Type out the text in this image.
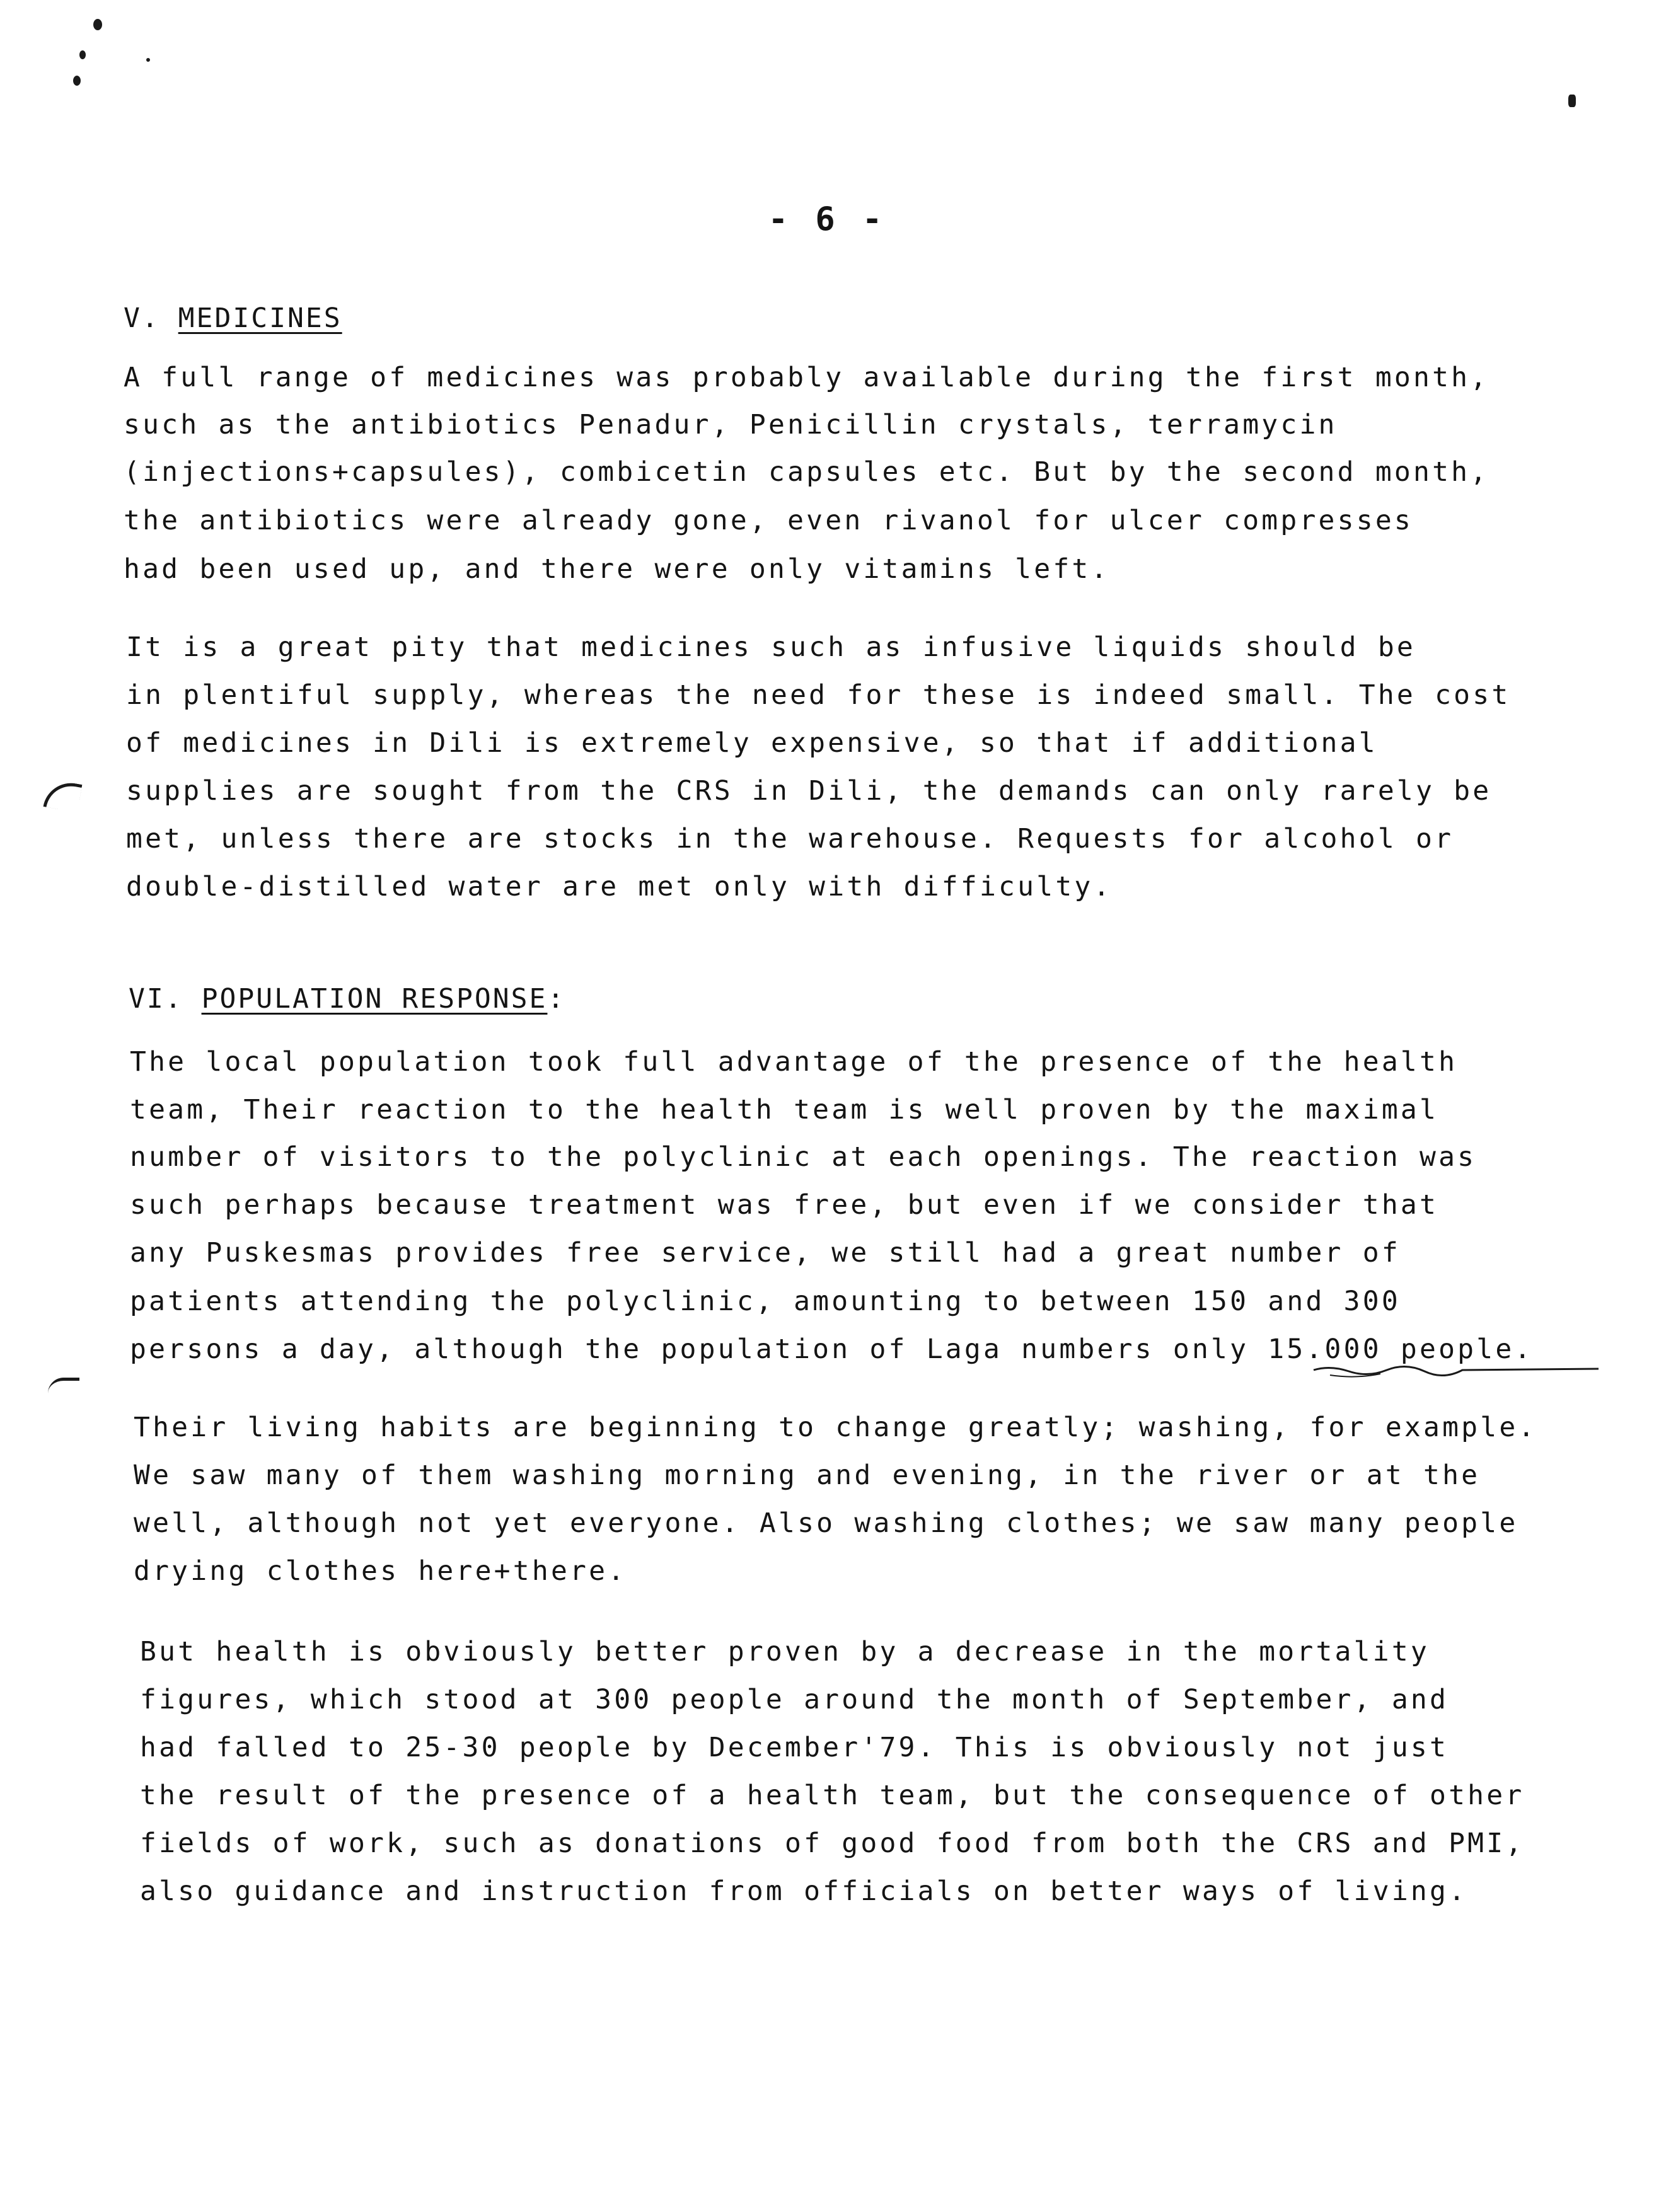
- 6 -
V. MEDICINES
A full range of medicines was probably available during the first month,
such as the antibiotics Penadur, Penicillin crystals, terramycin
(injections+capsules), combicetin capsules etc. But by the second month,
the antibiotics were already gone, even rivanol for ulcer compresses
had been used up, and there were only vitamins left.
It is a great pity that medicines such as infusive liquids should be
in plentiful supply, whereas the need for these is indeed small. The cost
of medicines in Dili is extremely expensive, so that if additional
supplies are sought from the CRS in Dili, the demands can only rarely be
met, unless there are stocks in the warehouse. Requests for alcohol or
double-distilled water are met only with difficulty.
VI. POPULATION RESPONSE:
The local population took full advantage of the presence of the health
team, Their reaction to the health team is well proven by the maximal
number of visitors to the polyclinic at each openings. The reaction was
such perhaps because treatment was free, but even if we consider that
any Puskesmas provides free service, we still had a great number of
patients attending the polyclinic, amounting to between 150 and 300
persons a day, although the population of Laga numbers only 15.000 people.
Their living habits are beginning to change greatly; washing, for example.
We saw many of them washing morning and evening, in the river or at the
well, although not yet everyone. Also washing clothes; we saw many people
drying clothes here+there.
But health is obviously better proven by a decrease in the mortality
figures, which stood at 300 people around the month of September, and
had falled to 25-30 people by December'79. This is obviously not just
the result of the presence of a health team, but the consequence of other
fields of work, such as donations of good food from both the CRS and PMI,
also guidance and instruction from officials on better ways of living.
